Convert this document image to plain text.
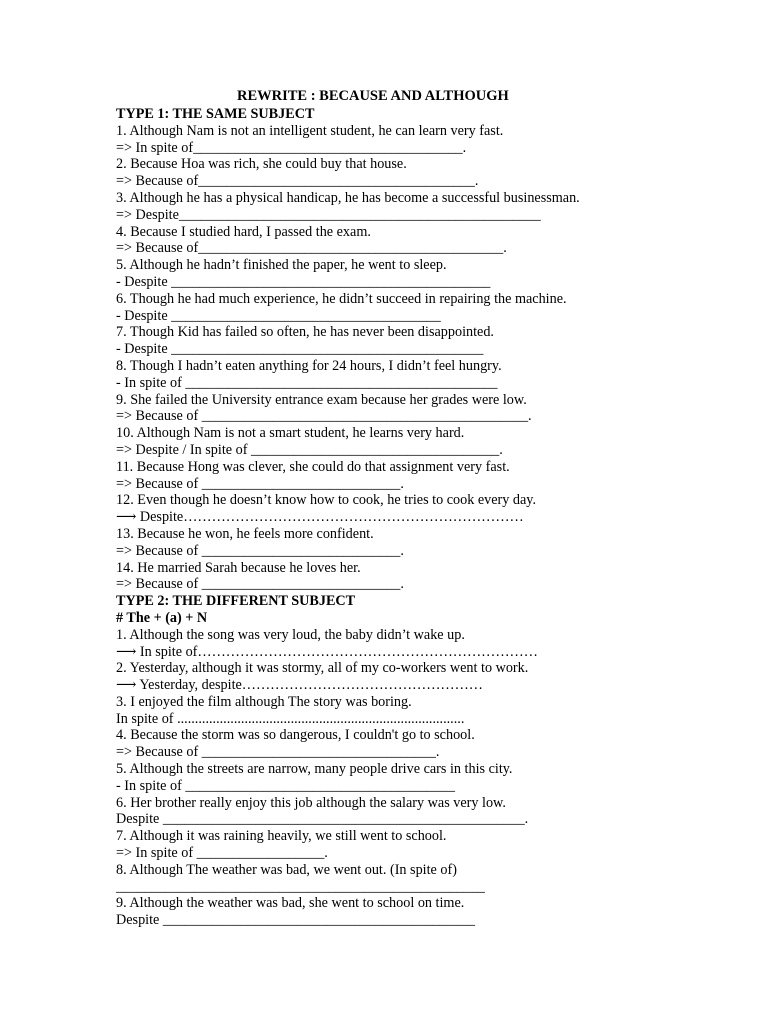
REWRITE : BECAUSE AND ALTHOUGH
TYPE 1: THE SAME SUBJECT
1. Although Nam is not an intelligent student, he can learn very fast.
=> In spite of______________________________________.
2. Because Hoa was rich, she could buy that house.
=> Because of_______________________________________.
3. Although he has a physical handicap, he has become a successful businessman.
=> Despite___________________________________________________
4. Because I studied hard, I passed the exam.
=> Because of___________________________________________.
5. Although he hadn’t finished the paper, he went to sleep.
- Despite _____________________________________________
6. Though he had much experience, he didn’t succeed in repairing the machine.
- Despite ______________________________________
7. Though Kid has failed so often, he has never been disappointed.
- Despite ____________________________________________
8. Though I hadn’t eaten anything for 24 hours, I didn’t feel hungry.
- In spite of ____________________________________________
9. She failed the University entrance exam because her grades were low.
=> Because of ______________________________________________.
10. Although Nam is not a smart student, he learns very hard.
=> Despite / In spite of ___________________________________.
11. Because Hong was clever, she could do that assignment very fast.
=> Because of ____________________________.
12. Even though he doesn’t know how to cook, he tries to cook every day.
⟶ Despite………………………………………………………………
13. Because he won, he feels more confident.
=> Because of ____________________________.
14. He married Sarah because he loves her.
=> Because of ____________________________.
TYPE 2: THE DIFFERENT SUBJECT
# The + (a) + N
1. Although the song was very loud, the baby didn’t wake up.
⟶ In spite of………………………………………………………………
2. Yesterday, although it was stormy, all of my co-workers went to work.
⟶ Yesterday, despite……………………………………………
3. I enjoyed the film although The story was boring.
In spite of .................................................................................
4. Because the storm was so dangerous, I couldn't go to school.
=> Because of _________________________________.
5. Although the streets are narrow, many people drive cars in this city.
- In spite of ______________________________________
6. Her brother really enjoy this job although the salary was very low.
Despite ___________________________________________________.
7. Although it was raining heavily, we still went to school.
=> In spite of __________________.
8. Although The weather was bad, we went out. (In spite of)
____________________________________________________
9. Although the weather was bad, she went to school on time.
Despite ____________________________________________
